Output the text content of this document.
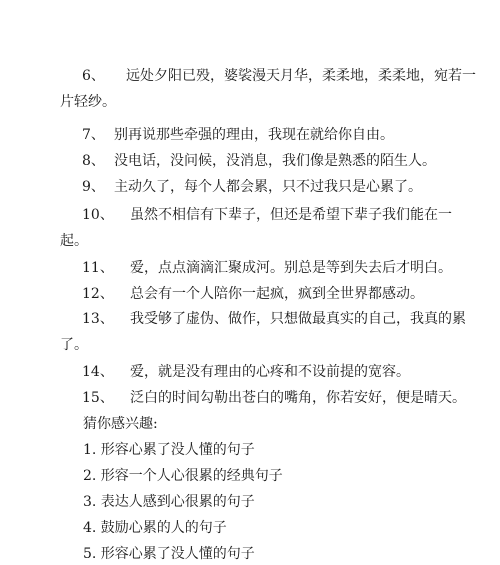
6、 远处夕阳已殁，婆裟漫天月华，柔柔地，柔柔地，宛若一
片轻纱。
7、 别再说那些牵强的理由，我现在就给你自由。
8、 没电话，没问候，没消息，我们像是熟悉的陌生人。
9、 主动久了，每个人都会累，只不过我只是心累了。
10、 虽然不相信有下辈子，但还是希望下辈子我们能在一
起。
11、 爱，点点滴滴汇聚成河。别总是等到失去后才明白。
12、 总会有一个人陪你一起疯，疯到全世界都感动。
13、 我受够了虚伪、做作，只想做最真实的自己，我真的累
了。
14、 爱，就是没有理由的心疼和不设前提的宽容。
15、 泛白的时间勾勒出苍白的嘴角，你若安好，便是晴天。
猜你感兴趣:
1. 形容心累了没人懂的句子
2. 形容一个人心很累的经典句子
3. 表达人感到心很累的句子
4. 鼓励心累的人的句子
5. 形容心累了没人懂的句子
